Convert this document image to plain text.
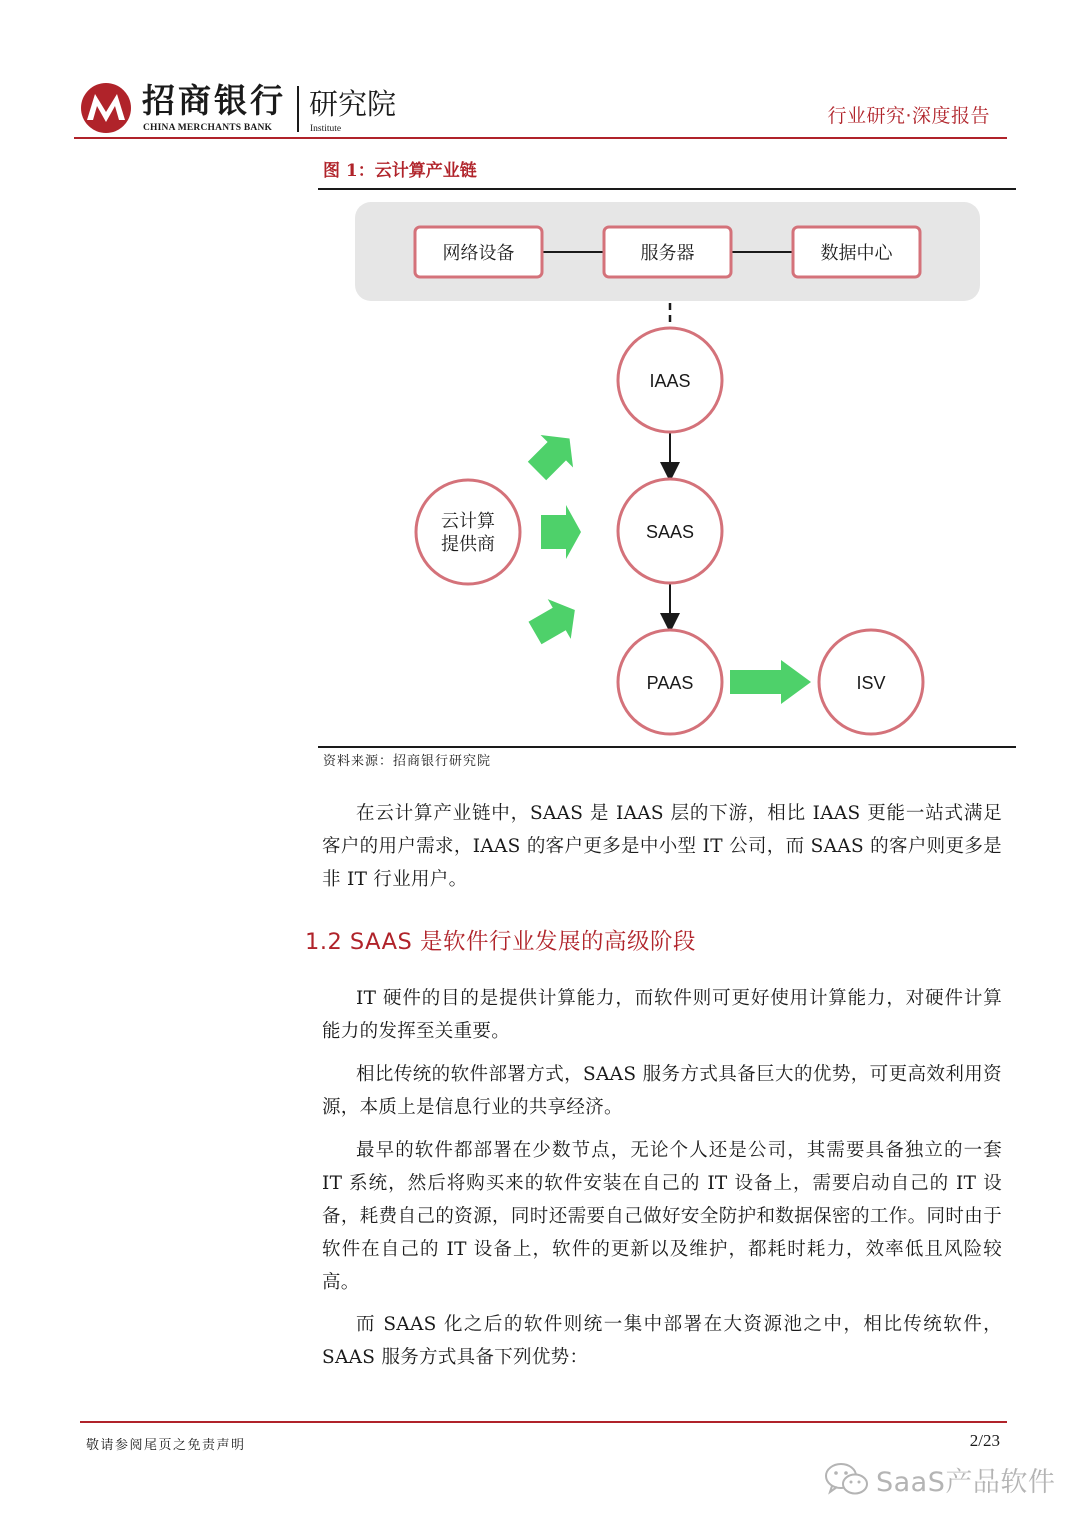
招商银行
CHINA MERCHANTS BANK
研究院
Institute
行业研究·深度报告
图 1：云计算产业链
网络设备	服务器	数据中心
IAAS
SAAS
PAAS	ISV
云计算
提供商
资料来源：招商银行研究院

在云计算产业链中，SAAS 是 IAAS 层的下游，相比 IAAS 更能一站式满足客户的用户需求，IAAS 的客户更多是中小型 IT 公司，而 SAAS 的客户则更多是非 IT 行业用户。

1.2 SAAS 是软件行业发展的高级阶段

IT 硬件的目的是提供计算能力，而软件则可更好使用计算能力，对硬件计算能力的发挥至关重要。

相比传统的软件部署方式，SAAS 服务方式具备巨大的优势，可更高效利用资源，本质上是信息行业的共享经济。

最早的软件都部署在少数节点，无论个人还是公司，其需要具备独立的一套 IT 系统，然后将购买来的软件安装在自己的 IT 设备上，需要启动自己的 IT 设备，耗费自己的资源，同时还需要自己做好安全防护和数据保密的工作。同时由于软件在自己的 IT 设备上，软件的更新以及维护，都耗时耗力，效率低且风险较高。

而 SAAS 化之后的软件则统一集中部署在大资源池之中，相比传统软件，SAAS 服务方式具备下列优势：

敬请参阅尾页之免责声明	2/23
SaaS产品软件
